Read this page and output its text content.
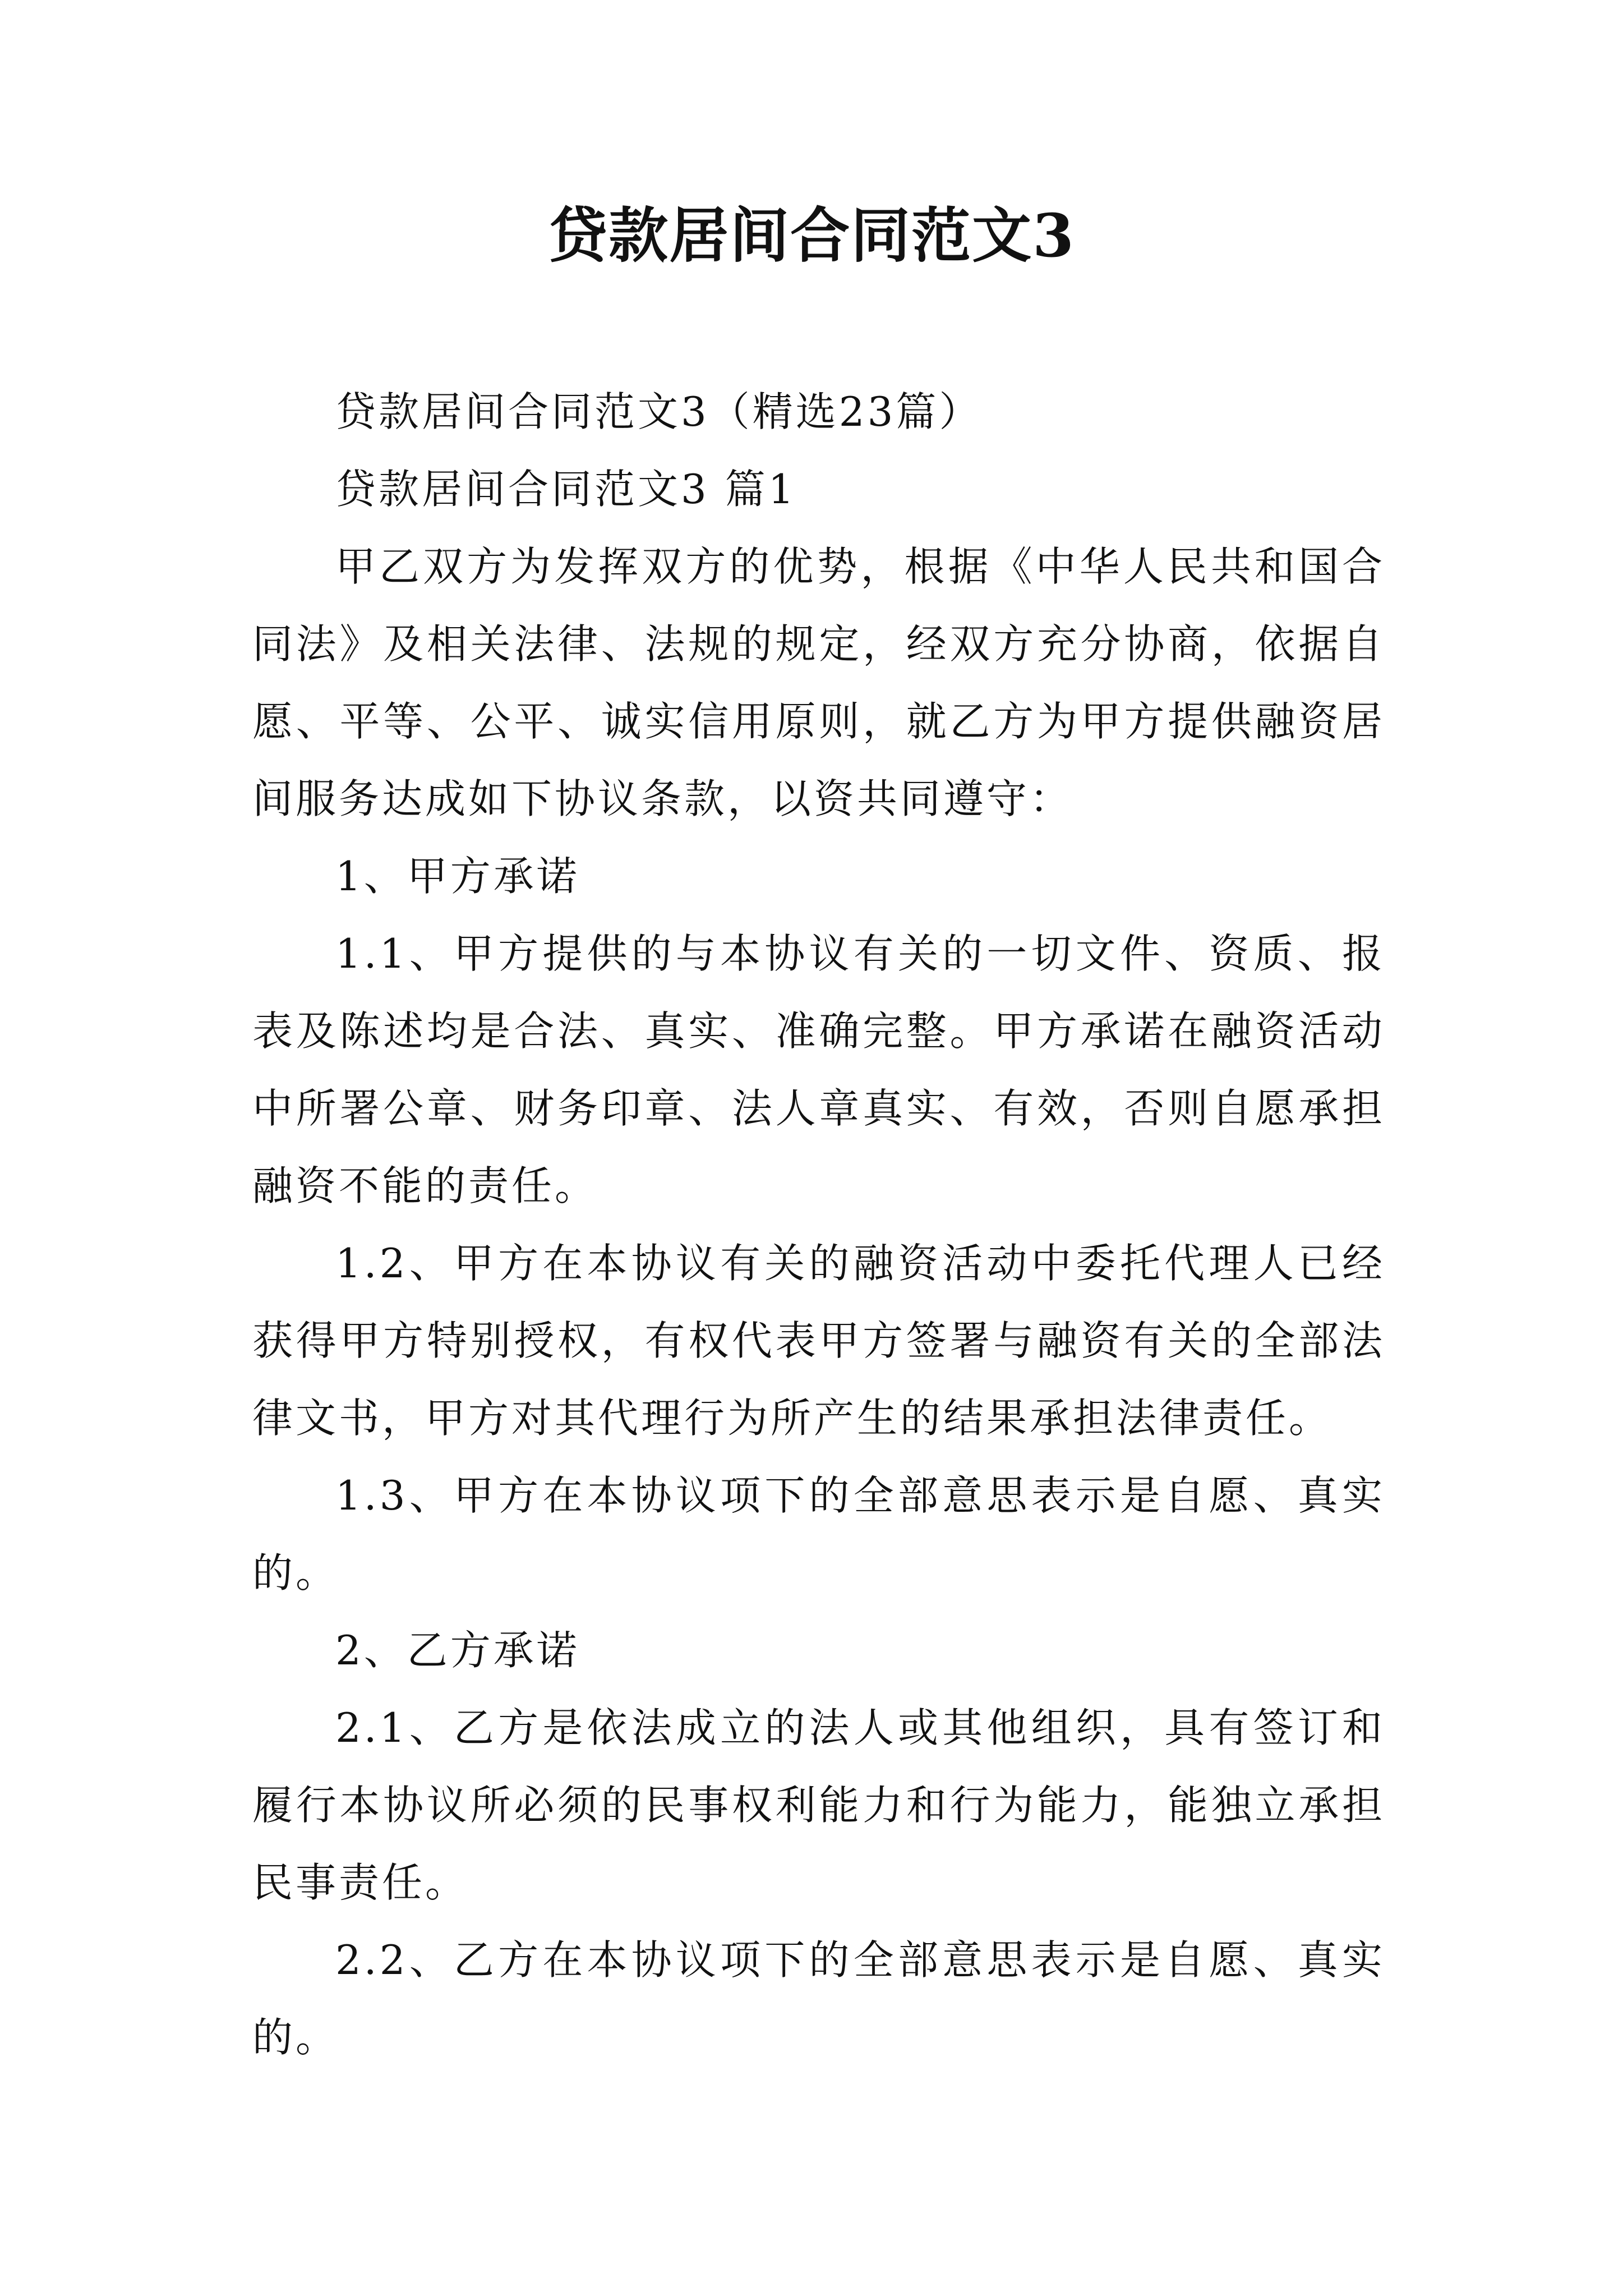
贷款居间合同范文3

贷款居间合同范文3（精选23篇）

贷款居间合同范文3 篇1

甲乙双方为发挥双方的优势，根据《中华人民共和国合同法》及相关法律、法规的规定，经双方充分协商，依据自愿、平等、公平、诚实信用原则，就乙方为甲方提供融资居间服务达成如下协议条款，以资共同遵守：

1、甲方承诺

1.1、甲方提供的与本协议有关的一切文件、资质、报表及陈述均是合法、真实、准确完整。甲方承诺在融资活动中所署公章、财务印章、法人章真实、有效，否则自愿承担融资不能的责任。

1.2、甲方在本协议有关的融资活动中委托代理人已经获得甲方特别授权，有权代表甲方签署与融资有关的全部法律文书，甲方对其代理行为所产生的结果承担法律责任。

1.3、甲方在本协议项下的全部意思表示是自愿、真实的。

2、乙方承诺

2.1、乙方是依法成立的法人或其他组织，具有签订和履行本协议所必须的民事权利能力和行为能力，能独立承担民事责任。

2.2、乙方在本协议项下的全部意思表示是自愿、真实的。
